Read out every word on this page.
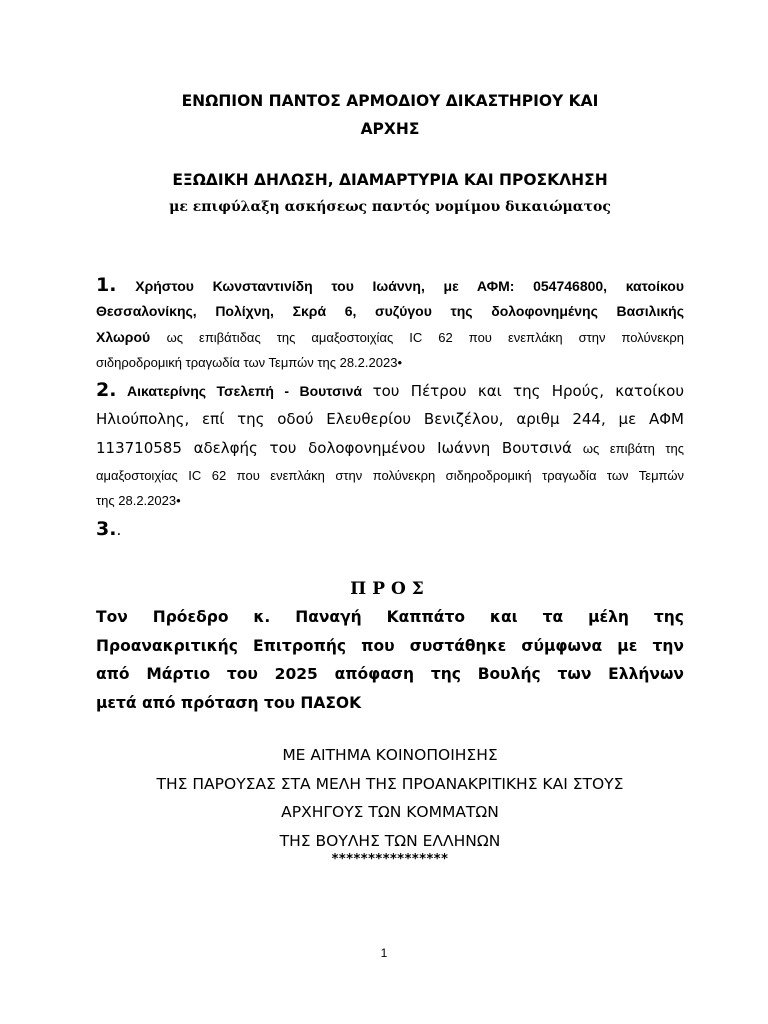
ΕΝΩΠΙΟΝ ΠΑΝΤΟΣ ΑΡΜΟΔΙΟΥ ΔΙΚΑΣΤΗΡΙΟΥ ΚΑΙ
ΑΡΧΗΣ
ΕΞΩΔΙΚΗ ΔΗΛΩΣΗ, ΔΙΑΜΑΡΤΥΡΙΑ ΚΑΙ ΠΡΟΣΚΛΗΣΗ
με επιφύλαξη ασκήσεως παντός νομίμου δικαιώματος
1. Χρήστου Κωνσταντινίδη του Ιωάννη, με ΑΦΜ: 054746800, κατοίκου
Θεσσαλονίκης, Πολίχνη, Σκρά 6, συζύγου της δολοφονημένης Βασιλικής
Χλωρού ως επιβάτιδας της αμαξοστοιχίας IC 62 που ενεπλάκη στην πολύνεκρη
σιδηροδρομική τραγωδία των Τεμπών της 28.2.2023•
2. Αικατερίνης Τσελεπή - Βουτσινά του Πέτρου και της Ηρούς, κατοίκου
Ηλιούπολης, επί της οδού Ελευθερίου Βενιζέλου, αριθμ 244, με ΑΦΜ
113710585 αδελφής του δολοφονημένου Ιωάννη Βουτσινά ως επιβάτη της
αμαξοστοιχίας IC 62 που ενεπλάκη στην πολύνεκρη σιδηροδρομική τραγωδία των Τεμπών
της 28.2.2023•
3..
ΠΡΟΣ
Τον Πρόεδρο κ. Παναγή Καππάτο και τα μέλη της
Προανακριτικής Επιτροπής που συστάθηκε σύμφωνα με την
από Μάρτιο του 2025 απόφαση της Βουλής των Ελλήνων
μετά από πρόταση του ΠΑΣΟΚ
ΜΕ ΑΙΤΗΜΑ ΚΟΙΝΟΠΟΙΗΣΗΣ
ΤΗΣ ΠΑΡΟΥΣΑΣ ΣΤΑ ΜΕΛΗ ΤΗΣ ΠΡΟΑΝΑΚΡΙΤΙΚΗΣ ΚΑΙ ΣΤΟΥΣ
ΑΡΧΗΓΟΥΣ ΤΩΝ ΚΟΜΜΑΤΩΝ
ΤΗΣ ΒΟΥΛΗΣ ΤΩΝ ΕΛΛΗΝΩΝ
****************
1
